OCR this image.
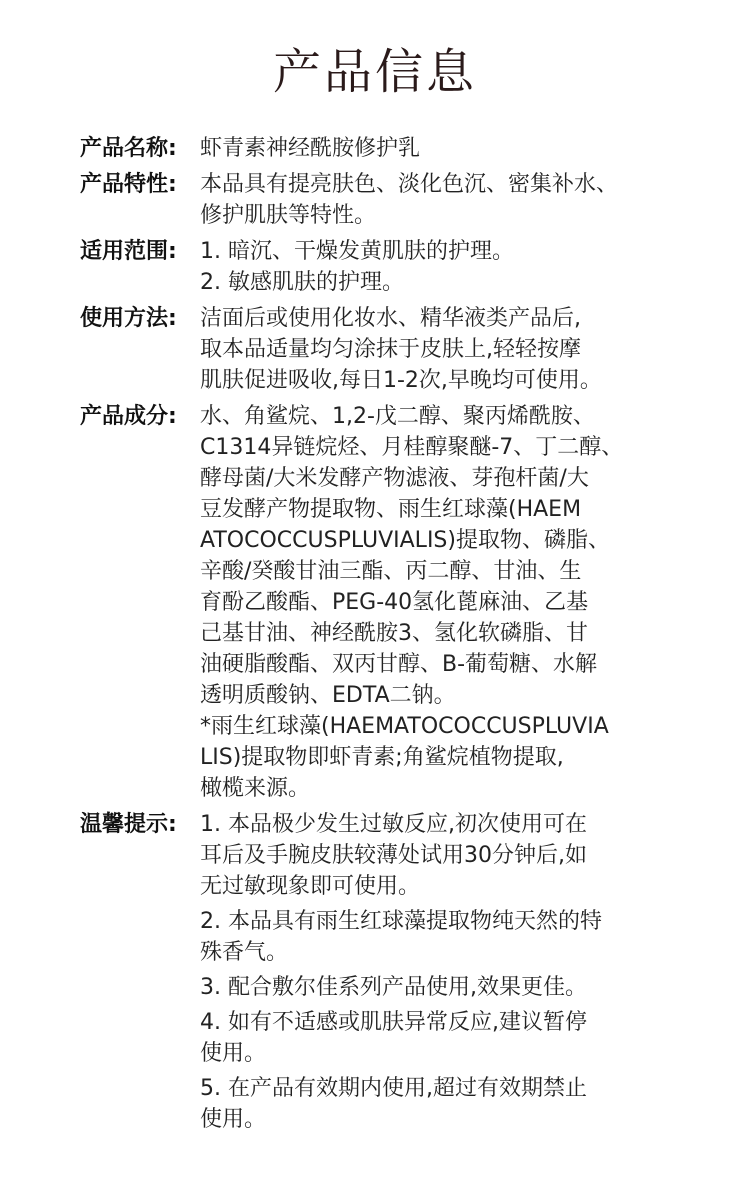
产品信息
产品名称:	虾青素神经酰胺修护乳

产品特性:	本品具有提亮肤色、淡化色沉、密集补水、
修护肌肤等特性。

适用范围:	1. 暗沉、干燥发黄肌肤的护理。

2. 敏感肌肤的护理。

使用方法:	洁面后或使用化妆水、精华液类产品后,
取本品适量均匀涂抹于皮肤上,轻轻按摩
肌肤促进吸收,每日1-2次,早晚均可使用。

产品成分:	水、角鲨烷、1,2-戊二醇、聚丙烯酰胺、
C1314异链烷烃、月桂醇聚醚-7、丁二醇、
酵母菌/大米发酵产物滤液、芽孢杆菌/大
豆发酵产物提取物、雨生红球藻(HAEM
ATOCOCCUSPLUVIALIS)提取物、磷脂、
辛酸/癸酸甘油三酯、丙二醇、甘油、生
育酚乙酸酯、PEG-40氢化蓖麻油、乙基
己基甘油、神经酰胺3、氢化软磷脂、甘
油硬脂酸酯、双丙甘醇、B-葡萄糖、水解
透明质酸钠、EDTA二钠。

*雨生红球藻(HAEMATOCOCCUSPLUVIA
LIS)提取物即虾青素;角鲨烷植物提取,
橄榄来源。

温馨提示:	1. 本品极少发生过敏反应,初次使用可在
耳后及手腕皮肤较薄处试用30分钟后,如
无过敏现象即可使用。

2. 本品具有雨生红球藻提取物纯天然的特
殊香气。

3. 配合敷尔佳系列产品使用,效果更佳。

4. 如有不适感或肌肤异常反应,建议暂停
使用。

5. 在产品有效期内使用,超过有效期禁止
使用。
